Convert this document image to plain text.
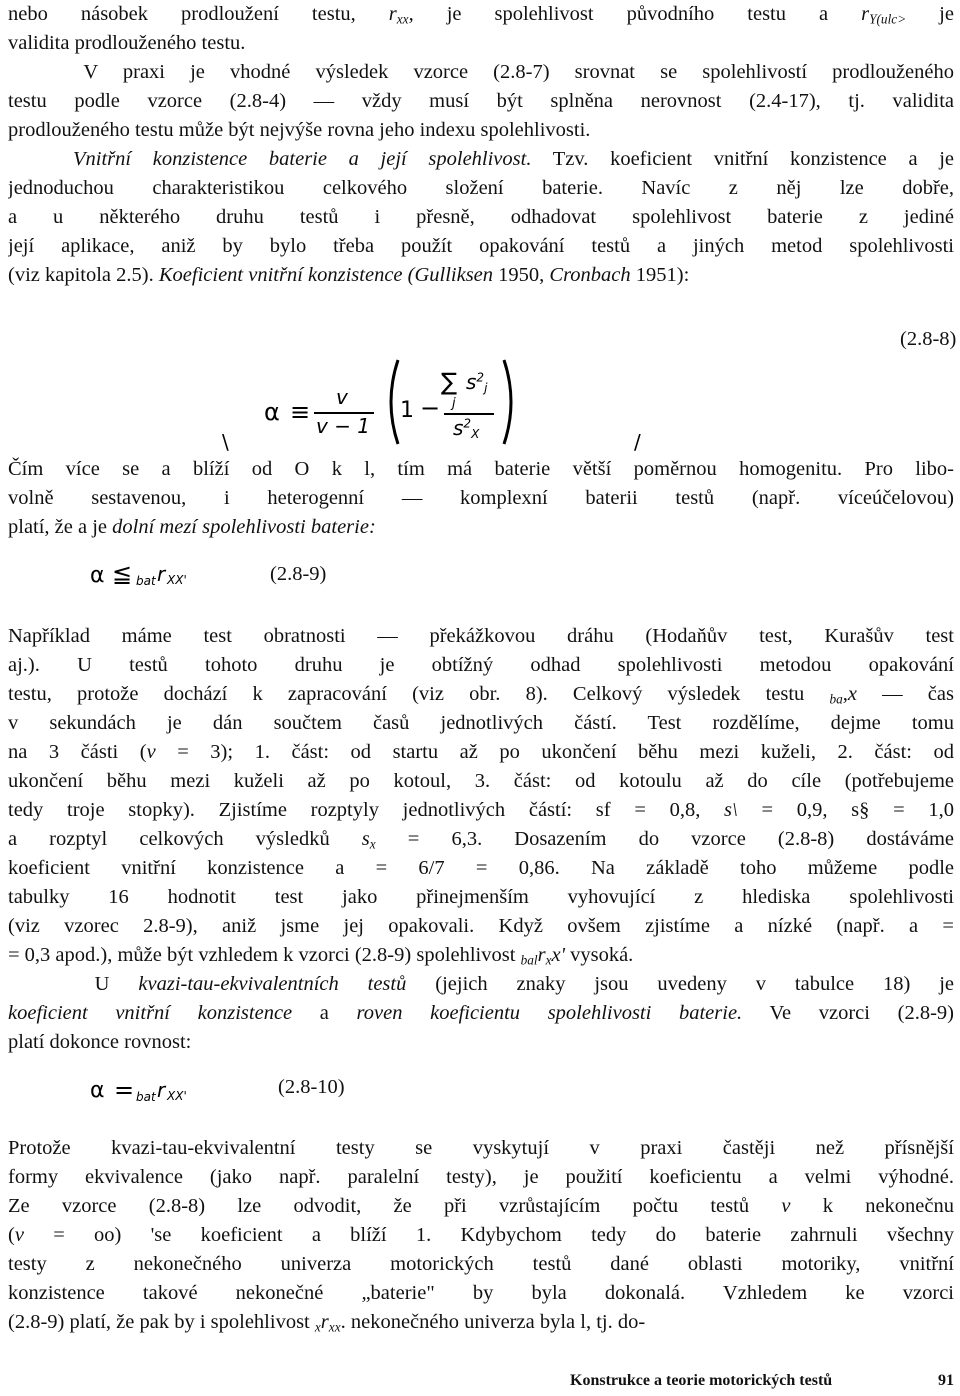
nebo násobek prodloužení testu, $r_{xx}$, je spolehlivost původního testu a $r_{Y(ulc>}$ je
validita prodlouženého testu.
V praxi je vhodné výsledek vzorce (2.8-7) srovnat se spolehlivostí prodlouženého
testu podle vzorce (2.8-4) — vždy musí být splněna nerovnost (2.4-17), tj. validita
prodlouženého testu může být nejvýše rovna jeho indexu spolehlivosti.
Vnitřní konzistence baterie a její spolehlivost. Tzv. koeficient vnitřní konzistence a je
jednoduchou charakteristikou celkového složení baterie. Navíc z něj lze dobře,
a u některého druhu testů i přesně, odhadovat spolehlivost baterie z jediné
její aplikace, aniž by bylo třeba použít opakování testů a jiných metod spolehlivosti
(viz kapitola 2.5). Koeficient vnitřní konzistence (Gulliksen 1950, Cronbach 1951):
Čím více se a blíží od O k l, tím má baterie větší poměrnou homogenitu. Pro libo-
volně sestavenou, i heterogenní — komplexní baterii testů (např. víceúčelovou)
platí, že a je dolní mezí spolehlivosti baterie:
Například máme test obratnosti — překážkovou dráhu (Hodaňův test, Kurašův test
aj.). U testů tohoto druhu je obtížný odhad spolehlivosti metodou opakování
testu, protože dochází k zapracování (viz obr. 8). Celkový výsledek testu $_{ba}$,x — čas
v sekundách je dán součtem časů jednotlivých částí. Test rozdělíme, dejme tomu
na 3 části (v = 3); 1. část: od startu až po ukončení běhu mezi kuželi, 2. část: od
ukončení běhu mezi kuželi až po kotoul, 3. část: od kotoulu až do cíle (potřebujeme
tedy troje stopky). Zjistíme rozptyly jednotlivých částí: sf = 0,8, s\ = 0,9, s§ = 1,0
a rozptyl celkových výsledků $s_x = 6,3$. Dosazením do vzorce (2.8-8) dostáváme
koeficient vnitřní konzistence a = 6/7 = 0,86. Na základě toho můžeme podle
tabulky 16 hodnotit test jako přinejmenším vyhovující z hlediska spolehlivosti
(viz vzorec 2.8-9), aniž jsme jej opakovali. Když ovšem zjistíme a nízké (např. a =
= 0,3 apod.), může být vzhledem k vzorci (2.8-9) spolehlivost $_{bal}r_xx'$ vysoká.
U kvazi-tau-ekvivalentních testů (jejich znaky jsou uvedeny v tabulce 18) je
koeficient vnitřní konzistence a roven koeficientu spolehlivosti baterie. Ve vzorci (2.8-9)
platí dokonce rovnost:
Protože kvazi-tau-ekvivalentní testy se vyskytují v praxi častěji než přísnější
formy ekvivalence (jako např. paralelní testy), je použití koeficientu a velmi výhodné.
Ze vzorce (2.8-8) lze odvodit, že při vzrůstajícím počtu testů v k nekonečnu
(v = oo) 'se koeficient a blíží 1. Kdybychom tedy do baterie zahrnuli všechny
testy z nekonečného univerza motorických testů dané oblasti motoriky, vnitřní
konzistence takové nekonečné „baterie" by byla dokonalá. Vzhledem ke vzorci
(2.8-9) platí, že pak by i spolehlivost $_xr_{xx}$. nekonečného univerza byla l, tj. do-
(2.8-8)
α ≡
v
v − 1
1 −
∑ $s^2_j$
j
$s^2_X$
\	/
α ≦ bat r XX'	(2.8-9)
α = bat r XX'	(2.8-10)
Konstrukce a teorie motorických testů	91
